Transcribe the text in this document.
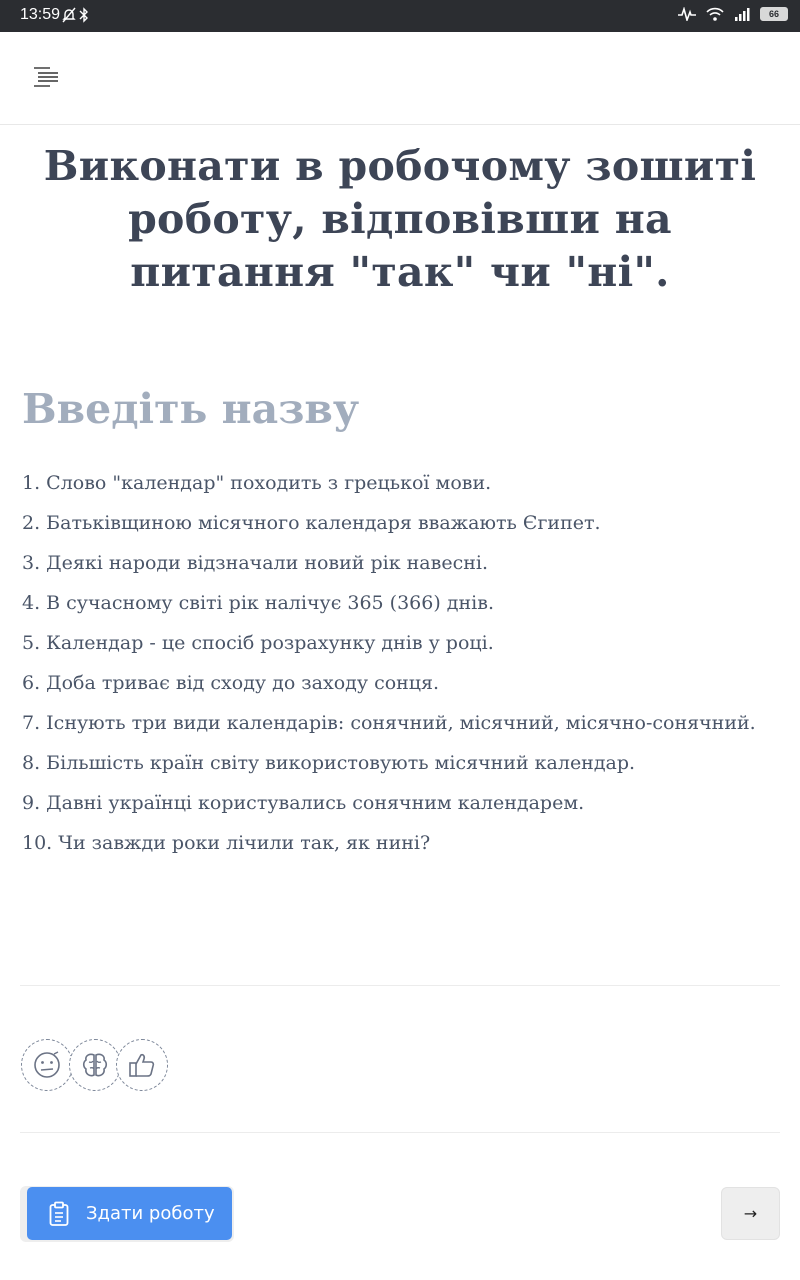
13:59	66
Виконати в робочому зошиті роботу, відповівши на питання "так" чи "ні".
Введіть назву
1. Слово "календар" походить з грецької мови.
2. Батьківщиною місячного календаря вважають Єгипет.
3. Деякі народи відзначали новий рік навесні.
4. В сучасному світі рік налічує 365 (366) днів.
5. Календар - це спосіб розрахунку днів у році.
6. Доба триває від сходу до заходу сонця.
7. Існують три види календарів: сонячний, місячний, місячно-сонячний.
8. Більшість країн світу використовують місячний календар.
9. Давні українці користувались сонячним календарем.
10. Чи завжди роки лічили так, як нині?
Здати роботу	→
